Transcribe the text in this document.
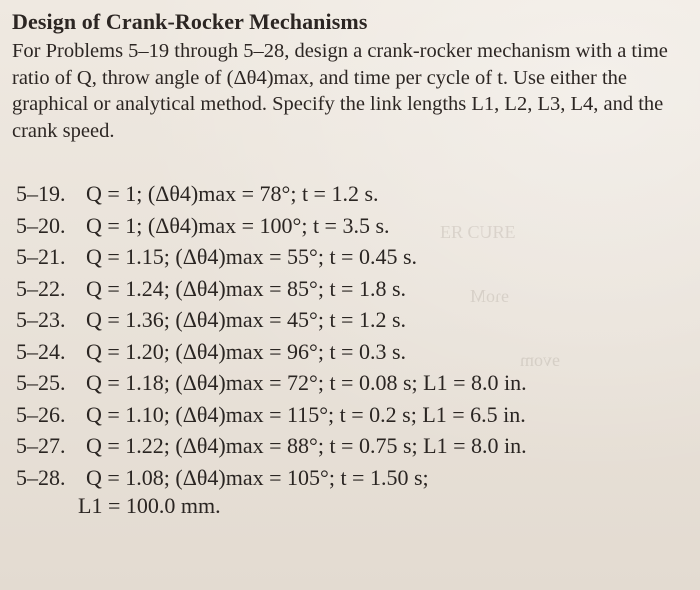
ƎЯUƆ ЯƎ
ɘɿoM
ɘvom
Design of Crank-Rocker Mechanisms

For Problems 5–19 through 5–28, design a crank-rocker mechanism with a time ratio of Q, throw angle of (Δθ4)max, and time per cycle of t. Use either the graphical or analytical method. Specify the link lengths L1, L2, L3, L4, and the crank speed.

5–19. Q = 1; (Δθ4)max = 78°; t = 1.2 s.
5–20. Q = 1; (Δθ4)max = 100°; t = 3.5 s.
5–21. Q = 1.15; (Δθ4)max = 55°; t = 0.45 s.
5–22. Q = 1.24; (Δθ4)max = 85°; t = 1.8 s.
5–23. Q = 1.36; (Δθ4)max = 45°; t = 1.2 s.
5–24. Q = 1.20; (Δθ4)max = 96°; t = 0.3 s.
5–25. Q = 1.18; (Δθ4)max = 72°; t = 0.08 s; L1 = 8.0 in.
5–26. Q = 1.10; (Δθ4)max = 115°; t = 0.2 s; L1 = 6.5 in.
5–27. Q = 1.22; (Δθ4)max = 88°; t = 0.75 s; L1 = 8.0 in.
5–28. Q = 1.08; (Δθ4)max = 105°; t = 1.50 s;
L1 = 100.0 mm.
